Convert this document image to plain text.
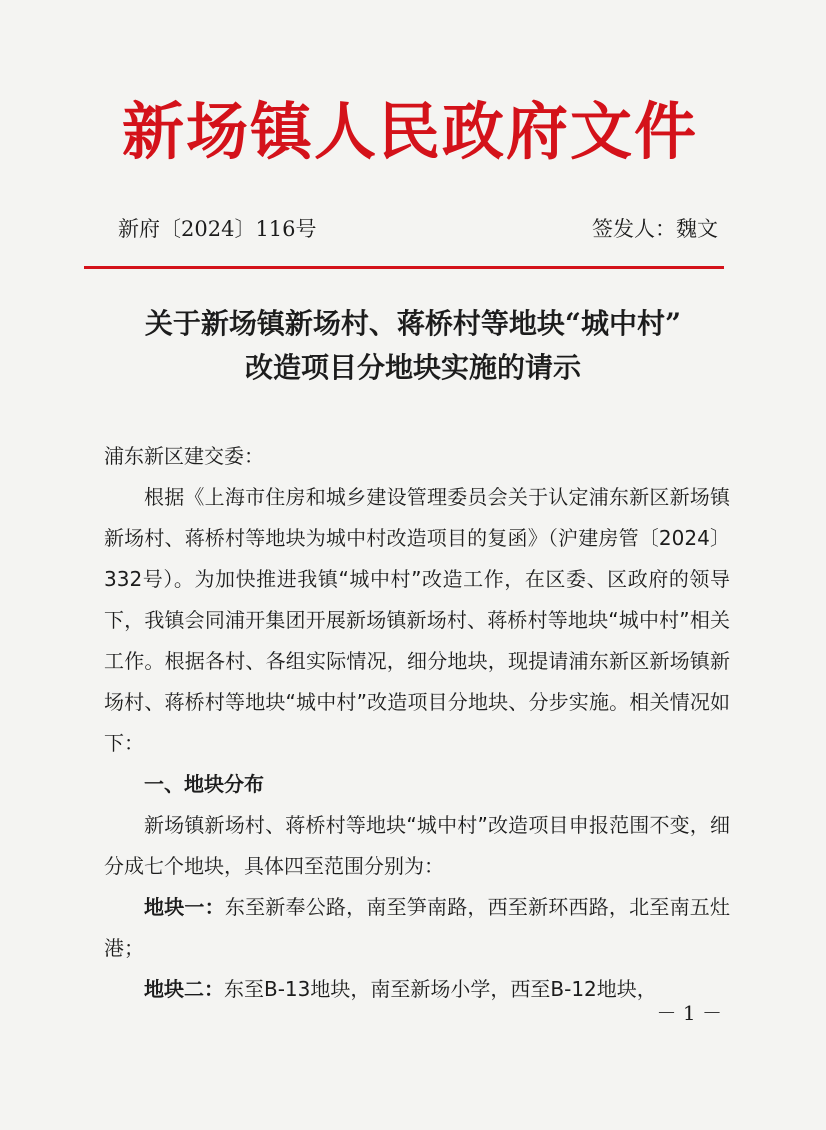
新场镇人民政府文件
新府〔2024〕116号	签发人：魏文
关于新场镇新场村、蒋桥村等地块“城中村”
改造项目分地块实施的请示

浦东新区建交委：

根据《上海市住房和城乡建设管理委员会关于认定浦东新区新场镇新场村、蒋桥村等地块为城中村改造项目的复函》（沪建房管〔2024〕332号）。为加快推进我镇“城中村”改造工作，在区委、区政府的领导下，我镇会同浦开集团开展新场镇新场村、蒋桥村等地块“城中村”相关工作。根据各村、各组实际情况，细分地块，现提请浦东新区新场镇新场村、蒋桥村等地块“城中村”改造项目分地块、分步实施。相关情况如下：

一、地块分布

新场镇新场村、蒋桥村等地块“城中村”改造项目申报范围不变，细分成七个地块，具体四至范围分别为：

地块一：东至新奉公路，南至笋南路，西至新环西路，北至南五灶港；

地块二：东至B-13地块，南至新场小学，西至B-12地块，

－ 1 －
